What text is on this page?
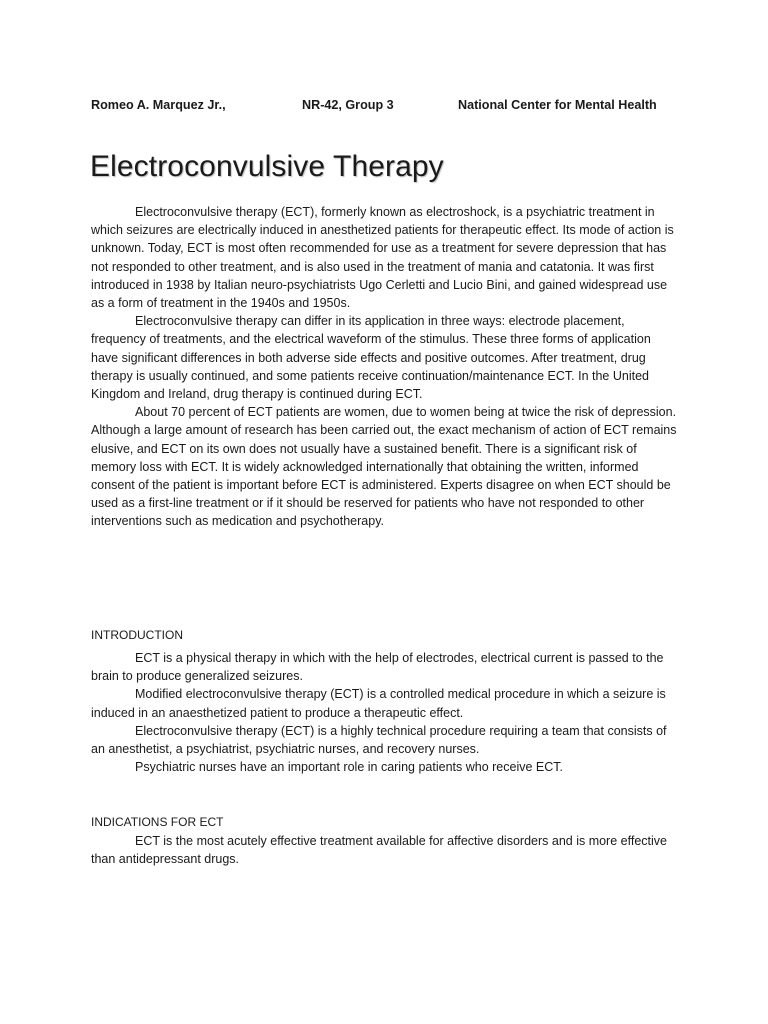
Romeo A. Marquez Jr.,	NR-42, Group 3	National Center for Mental Health
Electroconvulsive Therapy

Electroconvulsive therapy (ECT), formerly known as electroshock, is a psychiatric treatment in which seizures are electrically induced in anesthetized patients for therapeutic effect. Its mode of action is unknown. Today, ECT is most often recommended for use as a treatment for severe depression that has not responded to other treatment, and is also used in the treatment of mania and catatonia. It was first introduced in 1938 by Italian neuro-psychiatrists Ugo Cerletti and Lucio Bini, and gained widespread use as a form of treatment in the 1940s and 1950s.

Electroconvulsive therapy can differ in its application in three ways: electrode placement, frequency of treatments, and the electrical waveform of the stimulus. These three forms of application have significant differences in both adverse side effects and positive outcomes. After treatment, drug therapy is usually continued, and some patients receive continuation/maintenance ECT. In the United Kingdom and Ireland, drug therapy is continued during ECT.

About 70 percent of ECT patients are women, due to women being at twice the risk of depression. Although a large amount of research has been carried out, the exact mechanism of action of ECT remains elusive, and ECT on its own does not usually have a sustained benefit. There is a significant risk of memory loss with ECT. It is widely acknowledged internationally that obtaining the written, informed consent of the patient is important before ECT is administered. Experts disagree on when ECT should be used as a first-line treatment or if it should be reserved for patients who have not responded to other interventions such as medication and psychotherapy.

INTRODUCTION

ECT is a physical therapy in which with the help of electrodes, electrical current is passed to the brain to produce generalized seizures.

Modified electroconvulsive therapy (ECT) is a controlled medical procedure in which a seizure is induced in an anaesthetized patient to produce a therapeutic effect.

Electroconvulsive therapy (ECT) is a highly technical procedure requiring a team that consists of an anesthetist, a psychiatrist, psychiatric nurses, and recovery nurses.

Psychiatric nurses have an important role in caring patients who receive ECT.

INDICATIONS FOR ECT

ECT is the most acutely effective treatment available for affective disorders and is more effective than antidepressant drugs.
